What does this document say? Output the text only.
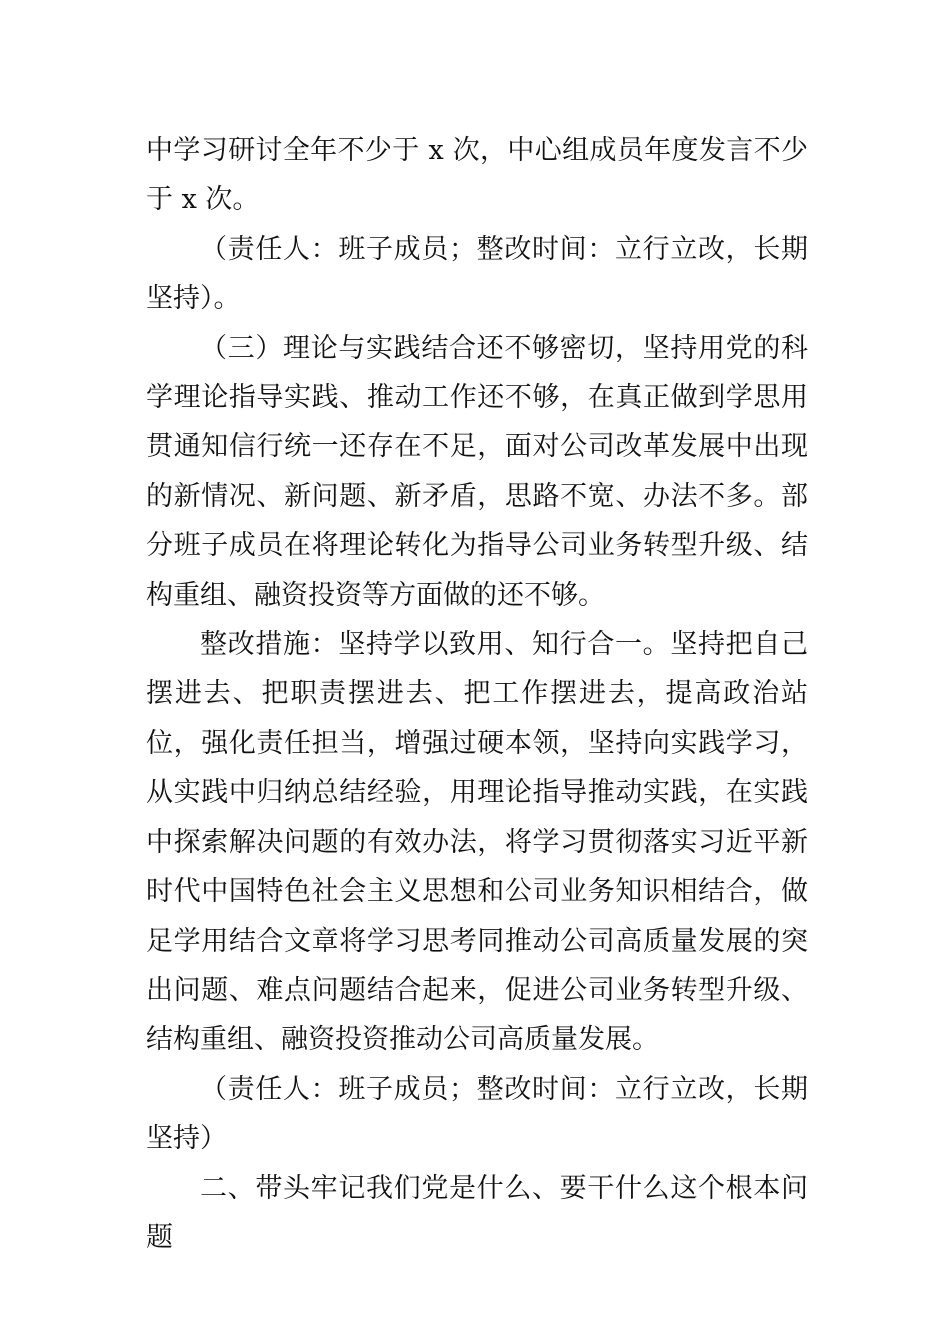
中学习研讨全年不少于 x 次，中心组成员年度发言不少于 x 次。

（责任人：班子成员；整改时间：立行立改，长期坚持）。

（三）理论与实践结合还不够密切，坚持用党的科学理论指导实践、推动工作还不够，在真正做到学思用贯通知信行统一还存在不足，面对公司改革发展中出现的新情况、新问题、新矛盾，思路不宽、办法不多。部分班子成员在将理论转化为指导公司业务转型升级、结构重组、融资投资等方面做的还不够。

整改措施：坚持学以致用、知行合一。坚持把自己摆进去、把职责摆进去、把工作摆进去，提高政治站位，强化责任担当，增强过硬本领，坚持向实践学习，从实践中归纳总结经验，用理论指导推动实践，在实践中探索解决问题的有效办法，将学习贯彻落实习近平新时代中国特色社会主义思想和公司业务知识相结合，做足学用结合文章将学习思考同推动公司高质量发展的突出问题、难点问题结合起来，促进公司业务转型升级、结构重组、融资投资推动公司高质量发展。

（责任人：班子成员；整改时间：立行立改，长期坚持）

二、带头牢记我们党是什么、要干什么这个根本问题
